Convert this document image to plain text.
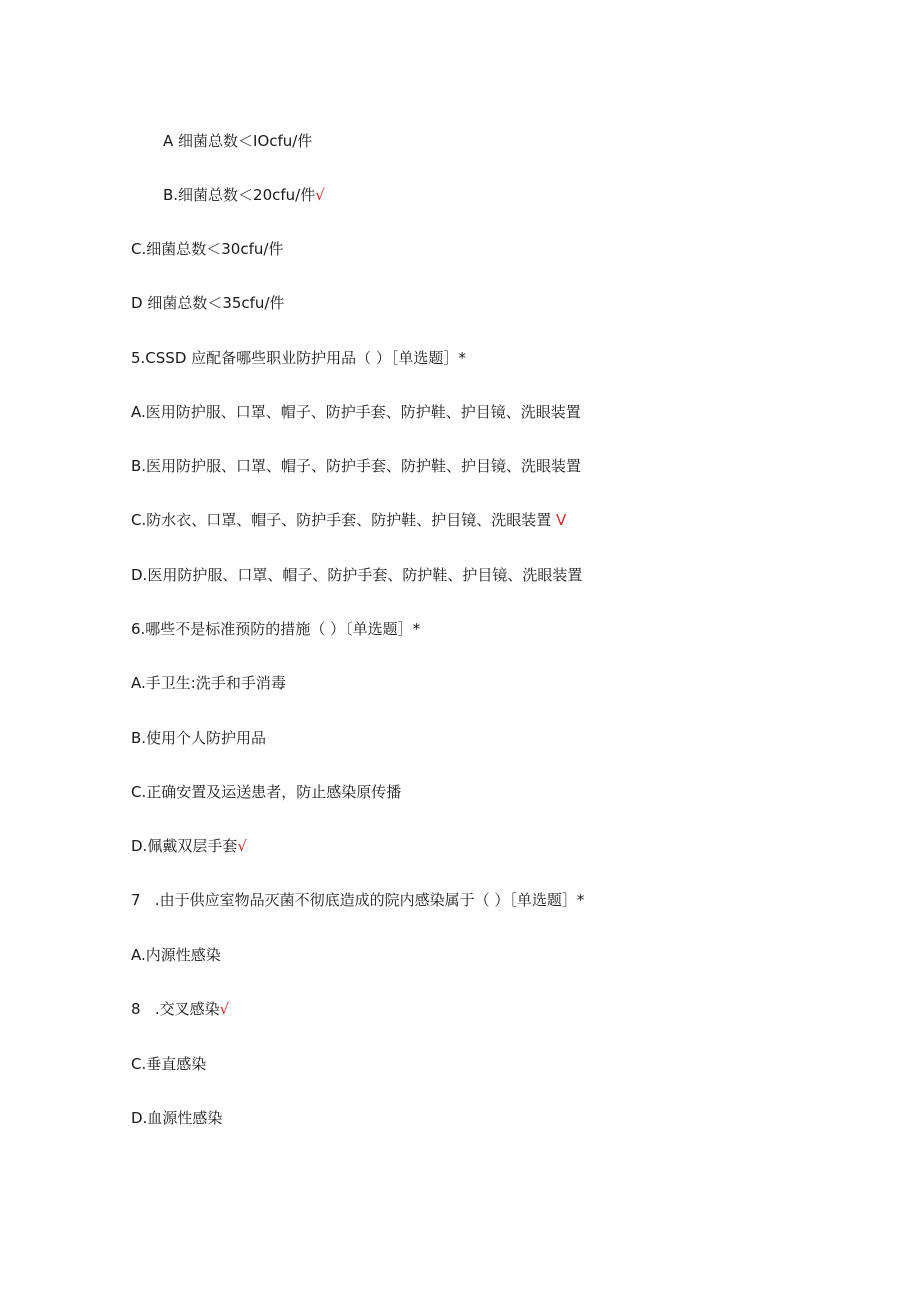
A 细菌总数＜IOcfu/件
B.细菌总数＜20cfu/件√
C.细菌总数＜30cfu/件
D 细菌总数＜35cfu/件
5.CSSD 应配备哪些职业防护用品（ ）［单选题］*
A.医用防护服、口罩、帽子、防护手套、防护鞋、护目镜、洗眼装置
B.医用防护服、口罩、帽子、防护手套、防护鞋、护目镜、洗眼装置
C.防水衣、口罩、帽子、防护手套、防护鞋、护目镜、洗眼装置 V
D.医用防护服、口罩、帽子、防护手套、防护鞋、护目镜、洗眼装置
6.哪些不是标准预防的措施（ ）〔单选题］*
A.手卫生:洗手和手消毒
B.使用个人防护用品
C.正确安置及运送患者，防止感染原传播
D.佩戴双层手套√
7   .由于供应室物品灭菌不彻底造成的院内感染属于（ ）［单选题］*
A.内源性感染
8   .交叉感染√
C.垂直感染
D.血源性感染
